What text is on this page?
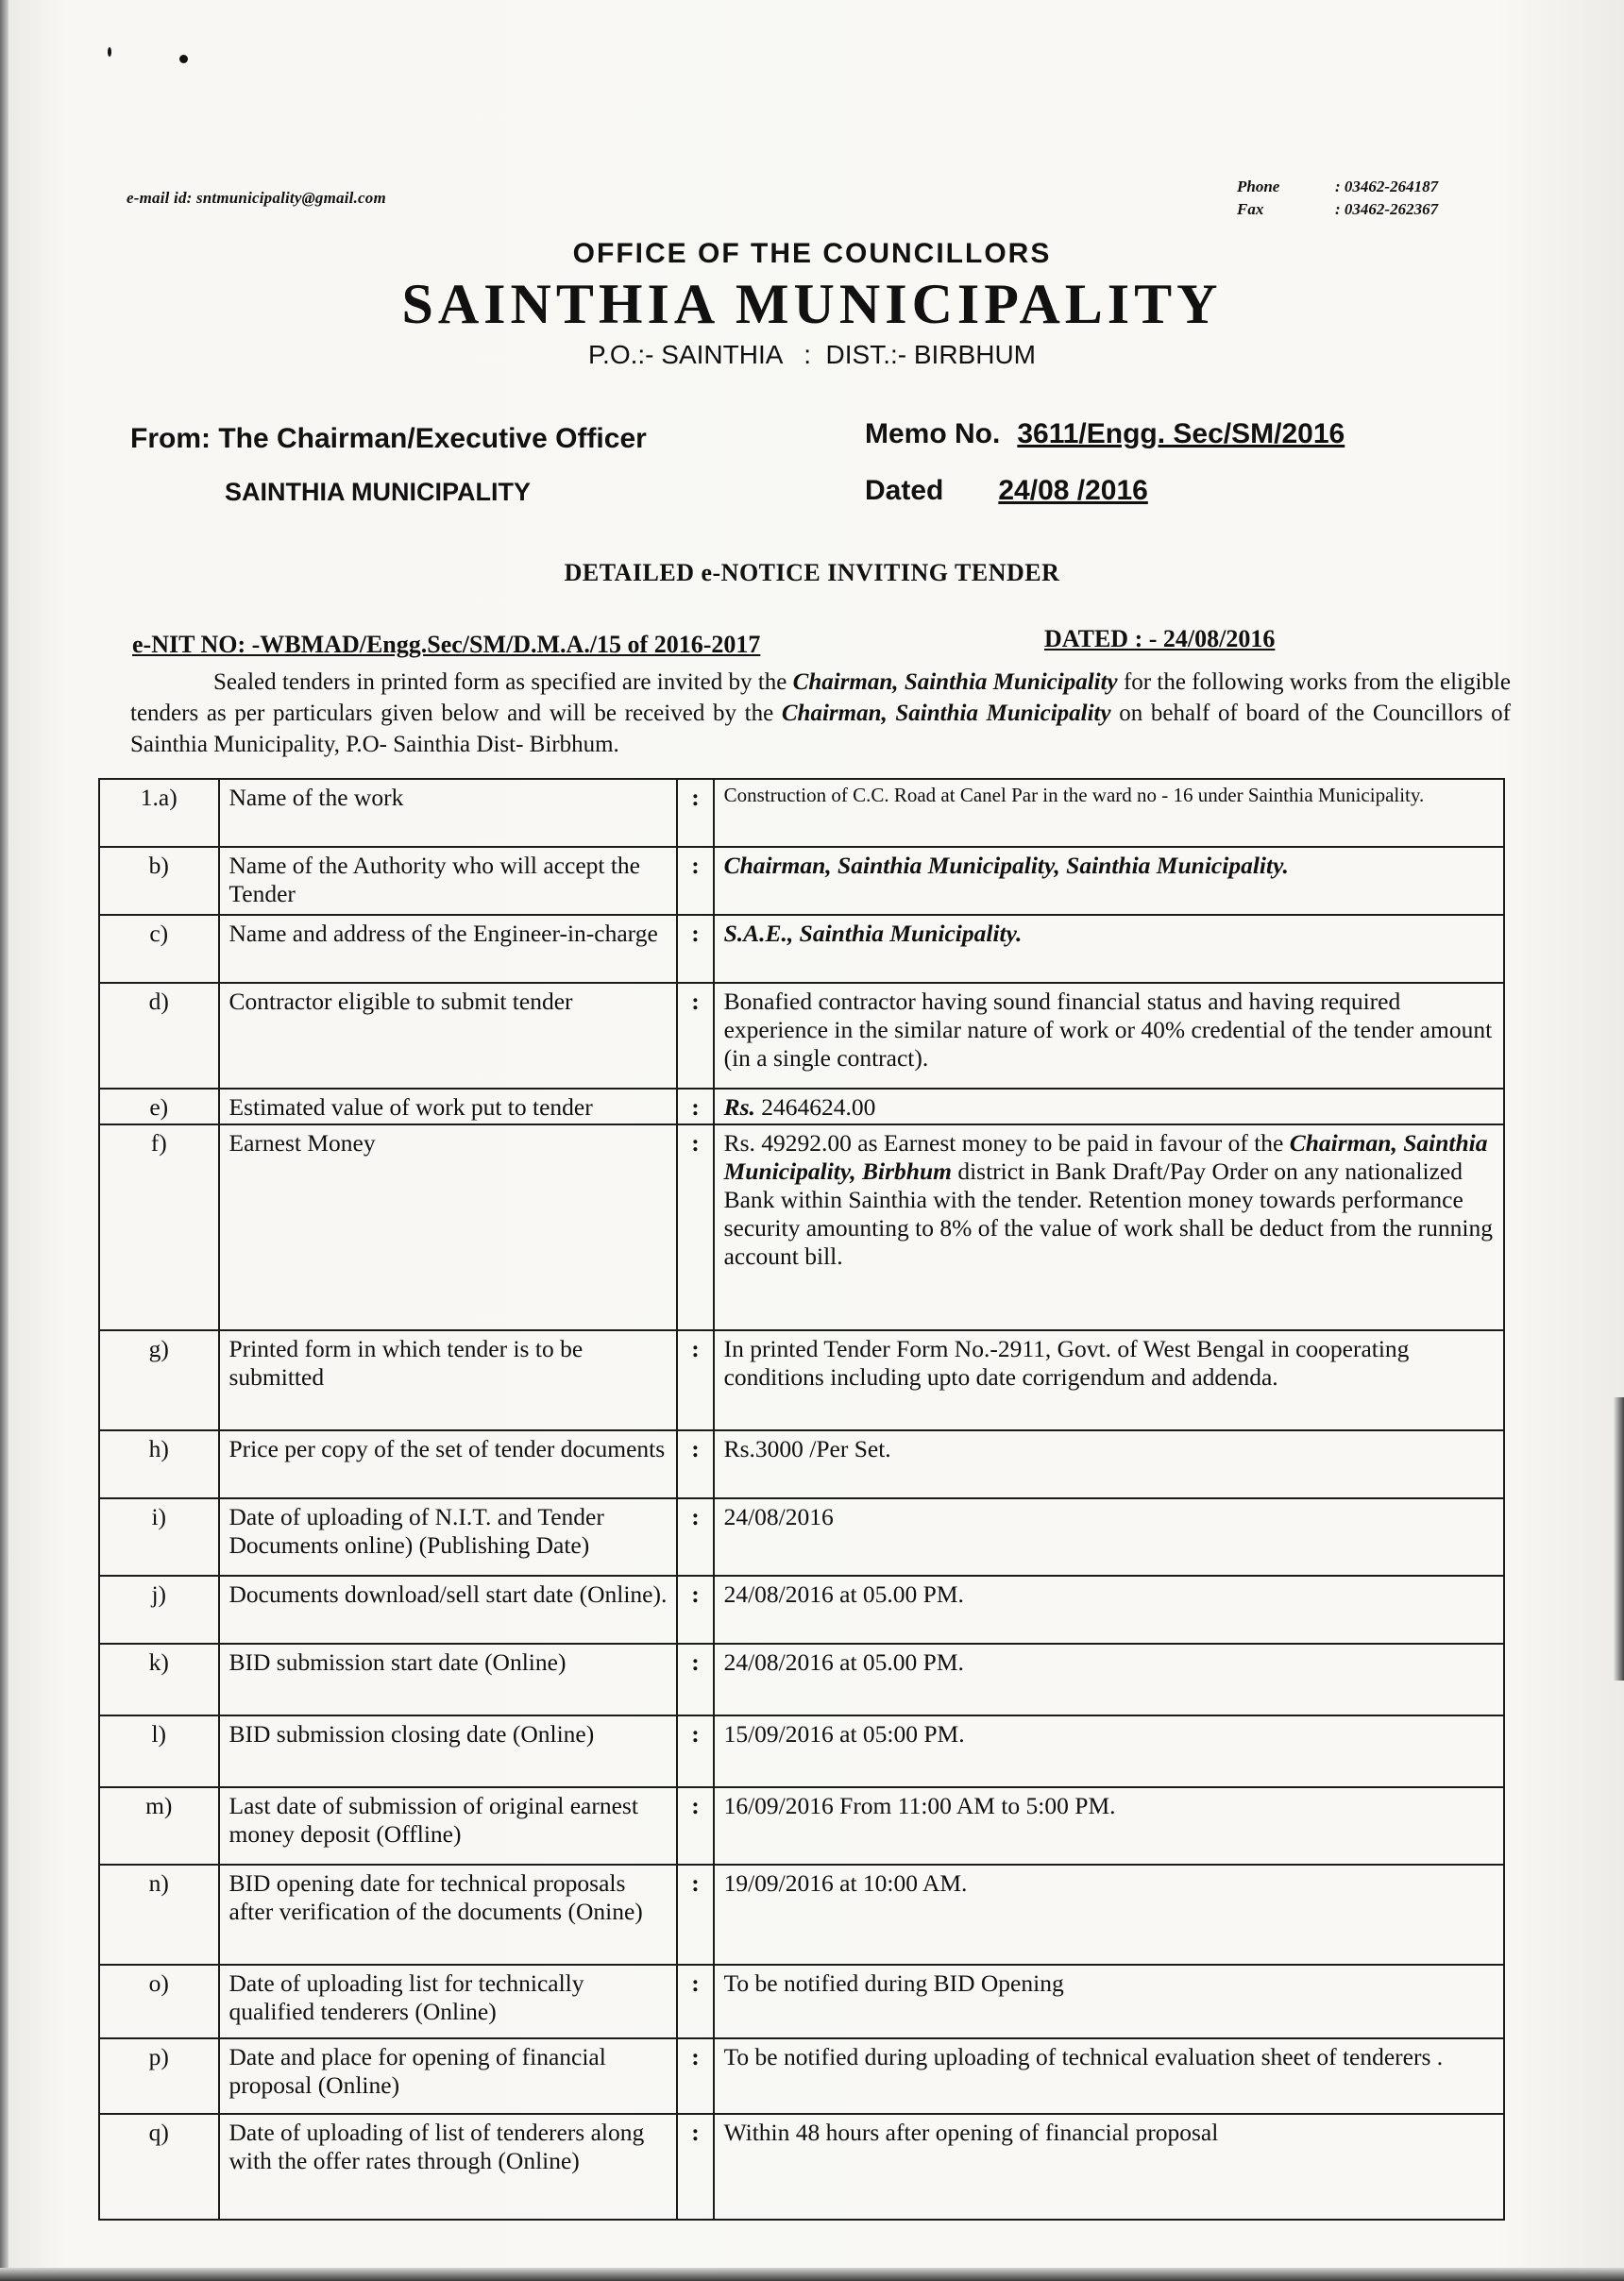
e-mail id: sntmunicipality@gmail.com
Phone	: 03462-264187
Fax	: 03462-262367
OFFICE OF THE COUNCILLORS
SAINTHIA MUNICIPALITY
P.O.:- SAINTHIA   :  DIST.:- BIRBHUM
From: The Chairman/Executive Officer
SAINTHIA MUNICIPALITY
Memo No. 3611/Engg. Sec/SM/2016
Dated 24/08 /2016
DETAILED e-NOTICE INVITING TENDER
e-NIT NO: -WBMAD/Engg.Sec/SM/D.M.A./15 of 2016-2017	DATED : - 24/08/2016
Sealed tenders in printed form as specified are invited by the Chairman, Sainthia Municipality for the following works from the eligible tenders as per particulars given below and will be received by the Chairman, Sainthia Municipality on behalf of board of the Councillors of Sainthia Municipality, P.O- Sainthia Dist- Birbhum.
1.a)	Name of the work	:	Construction of C.C. Road at Canel Par in the ward no - 16 under Sainthia Municipality.
b)	Name of the Authority who will accept the Tender	:	Chairman, Sainthia Municipality, Sainthia Municipality.
c)	Name and address of the Engineer-in-charge	:	S.A.E., Sainthia Municipality.
d)	Contractor eligible to submit tender	:	Bonafied contractor having sound financial status and having required experience in the similar nature of work or 40% credential of the tender amount (in a single contract).
e)	Estimated value of work put to tender	:	Rs. 2464624.00
f)	Earnest Money	:	Rs. 49292.00 as Earnest money to be paid in favour of the Chairman, Sainthia Municipality, Birbhum district in Bank Draft/Pay Order on any nationalized Bank within Sainthia with the tender. Retention money towards performance security amounting to 8% of the value of work shall be deduct from the running account bill.
g)	Printed form in which tender is to be submitted	:	In printed Tender Form No.-2911, Govt. of West Bengal in cooperating conditions including upto date corrigendum and addenda.
h)	Price per copy of the set of tender documents	:	Rs.3000 /Per Set.
i)	Date of uploading of N.I.T. and Tender Documents online) (Publishing Date)	:	24/08/2016
j)	Documents download/sell start date (Online).	:	24/08/2016 at 05.00 PM.
k)	BID submission start date (Online)	:	24/08/2016 at 05.00 PM.
l)	BID submission closing date (Online)	:	15/09/2016 at 05:00 PM.
m)	Last date of submission of original earnest money deposit (Offline)	:	16/09/2016 From 11:00 AM to 5:00 PM.
n)	BID opening date for technical proposals after verification of the documents (Onine)	:	19/09/2016 at 10:00 AM.
o)	Date of uploading list for technically qualified tenderers (Online)	:	To be notified during BID Opening
p)	Date and place for opening of financial proposal (Online)	:	To be notified during uploading of technical evaluation sheet of tenderers .
q)	Date of uploading of list of tenderers along with the offer rates through (Online)	:	Within 48 hours after opening of financial proposal
